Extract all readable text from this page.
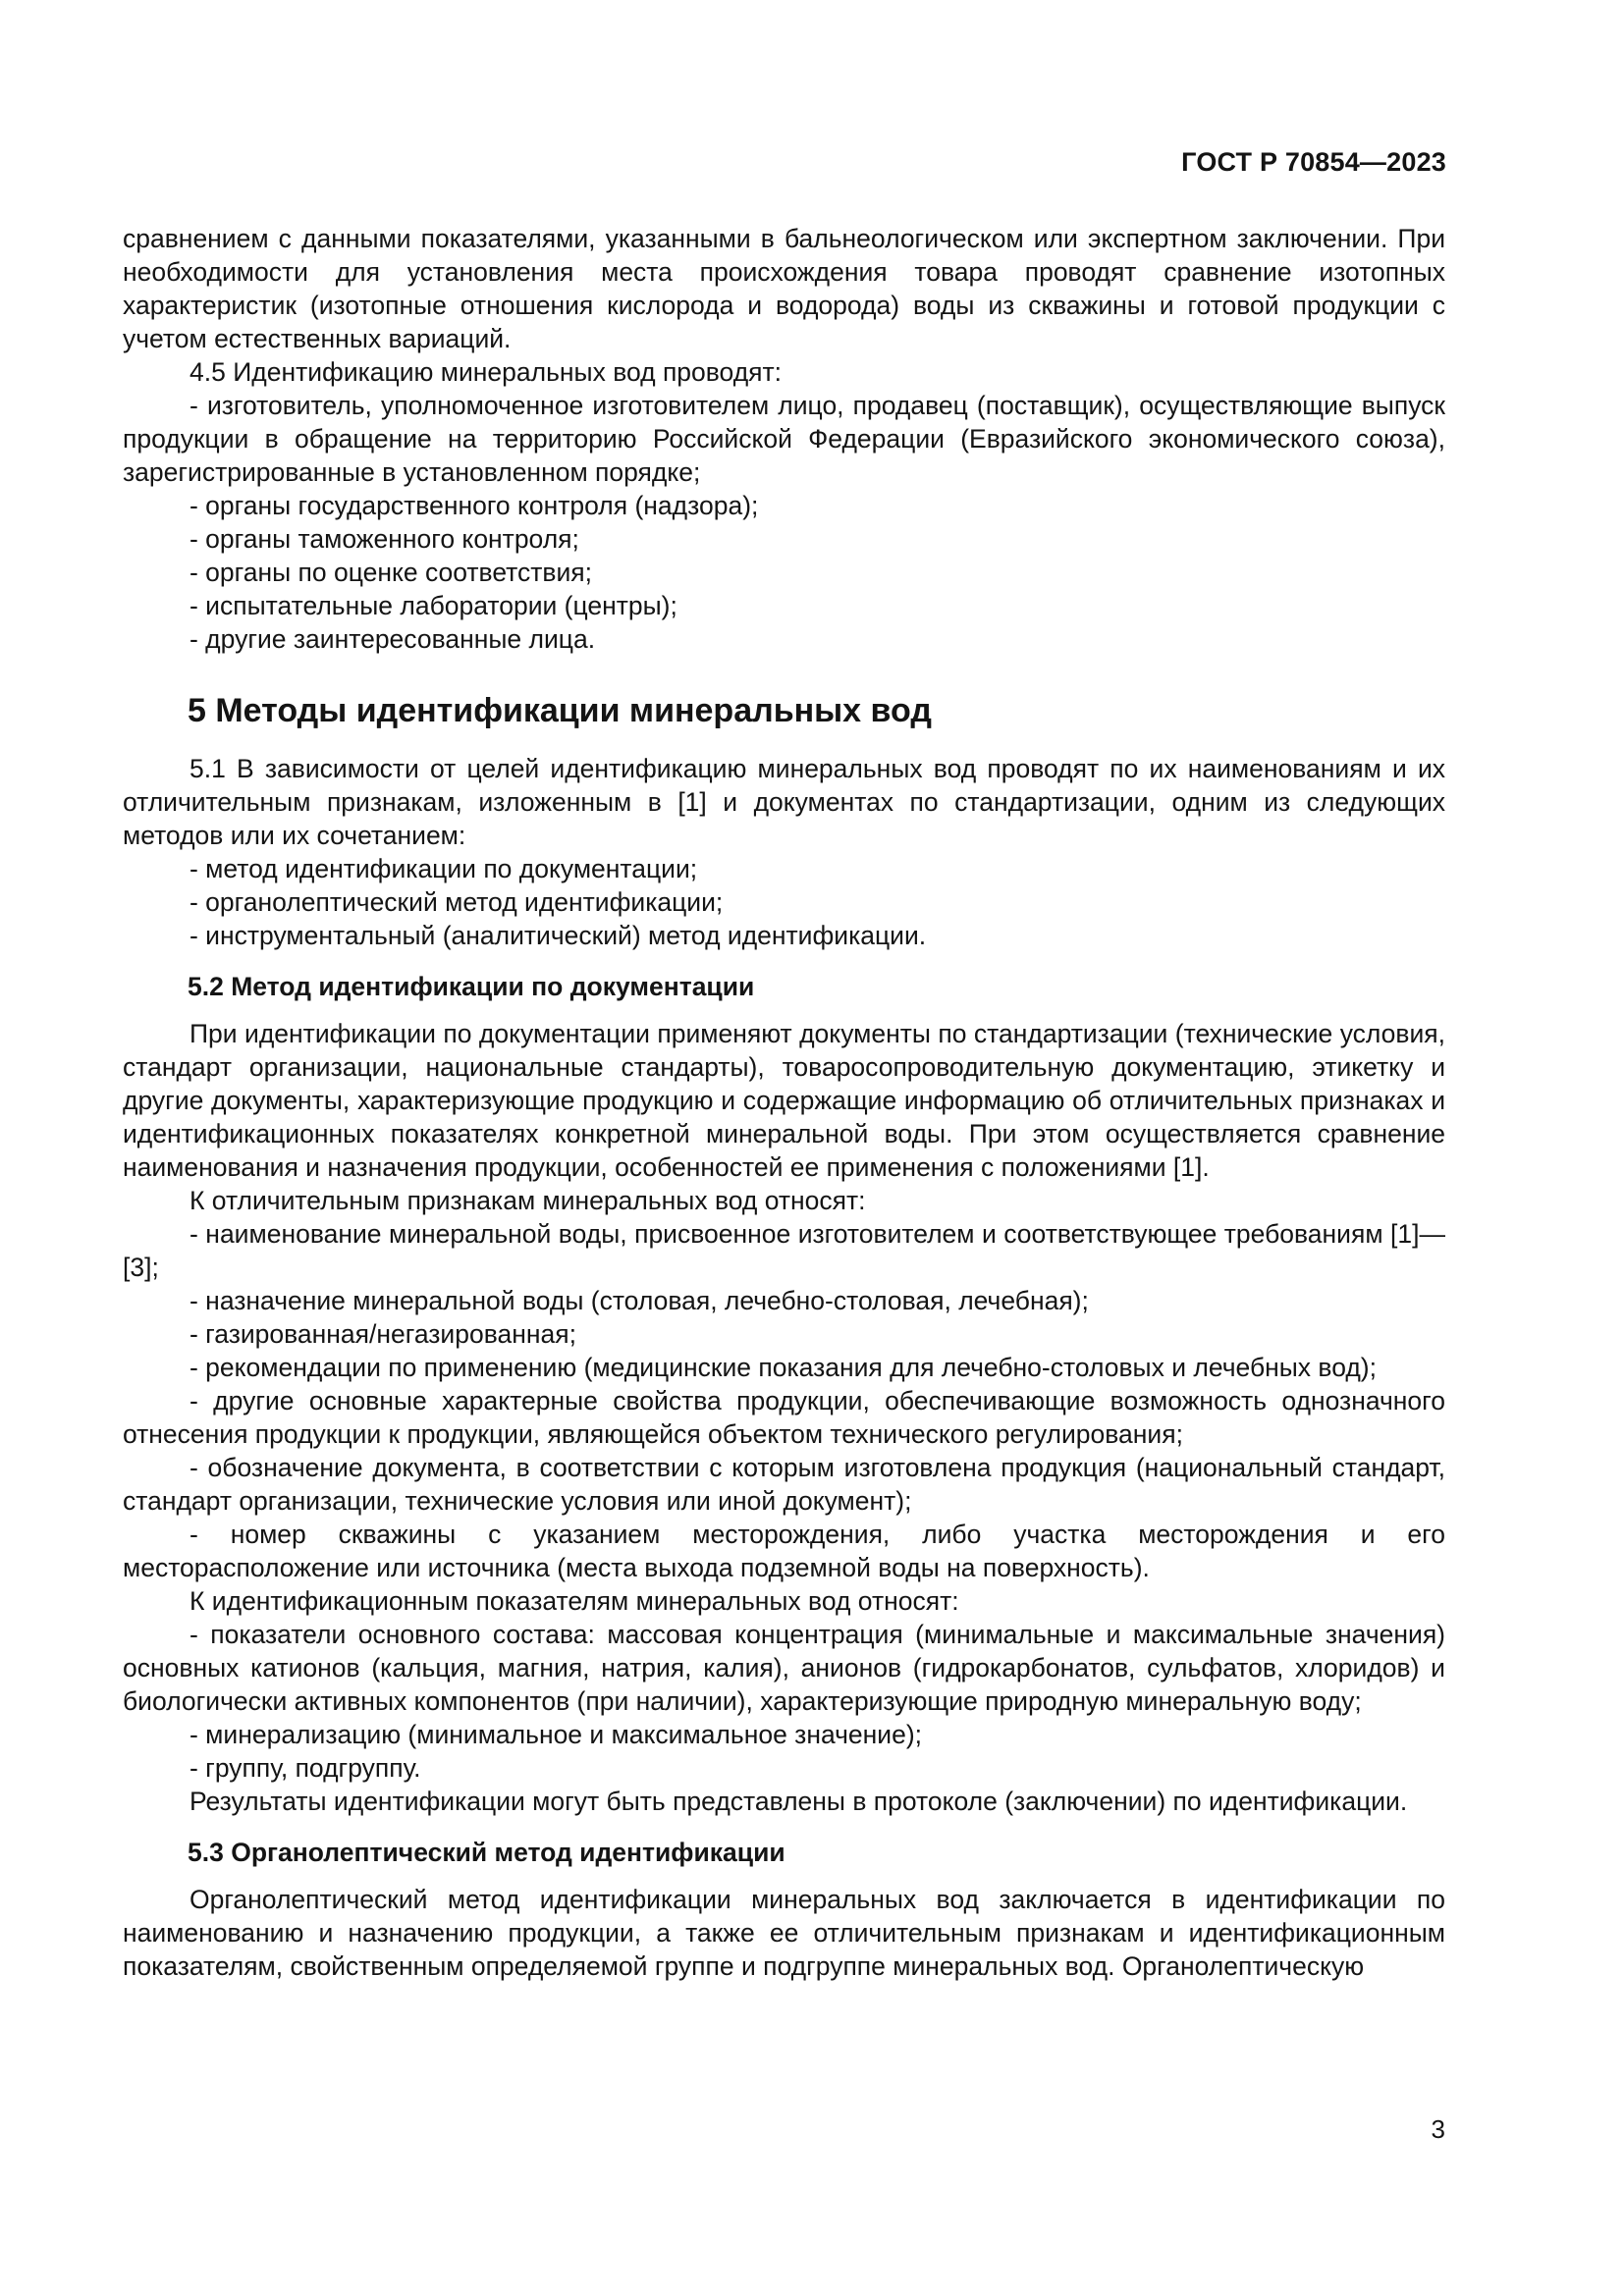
ГОСТ Р 70854—2023

сравнением с данными показателями, указанными в бальнеологическом или экспертном заключении. При необходимости для установления места происхождения товара проводят сравнение изотопных характеристик (изотопные отношения кислорода и водорода) воды из скважины и готовой продукции с учетом естественных вариаций.

4.5 Идентификацию минеральных вод проводят:

- изготовитель, уполномоченное изготовителем лицо, продавец (поставщик), осуществляющие выпуск продукции в обращение на территорию Российской Федерации (Евразийского экономического союза), зарегистрированные в установленном порядке;

- органы государственного контроля (надзора);

- органы таможенного контроля;

- органы по оценке соответствия;

- испытательные лаборатории (центры);

- другие заинтересованные лица.

5 Методы идентификации минеральных вод

5.1 В зависимости от целей идентификацию минеральных вод проводят по их наименованиям и их отличительным признакам, изложенным в [1] и документах по стандартизации, одним из следующих методов или их сочетанием:

- метод идентификации по документации;

- органолептический метод идентификации;

- инструментальный (аналитический) метод идентификации.

5.2 Метод идентификации по документации

При идентификации по документации применяют документы по стандартизации (технические условия, стандарт организации, национальные стандарты), товаросопроводительную документацию, этикетку и другие документы, характеризующие продукцию и содержащие информацию об отличительных признаках и идентификационных показателях конкретной минеральной воды. При этом осуществляется сравнение наименования и назначения продукции, особенностей ее применения с положениями [1].

К отличительным признакам минеральных вод относят:

- наименование минеральной воды, присвоенное изготовителем и соответствующее требованиям [1]—[3];

- назначение минеральной воды (столовая, лечебно-столовая, лечебная);

- газированная/негазированная;

- рекомендации по применению (медицинские показания для лечебно-столовых и лечебных вод);

- другие основные характерные свойства продукции, обеспечивающие возможность однозначного отнесения продукции к продукции, являющейся объектом технического регулирования;

- обозначение документа, в соответствии с которым изготовлена продукция (национальный стандарт, стандарт организации, технические условия или иной документ);

- номер скважины с указанием месторождения, либо участка месторождения и его месторасположение или источника (места выхода подземной воды на поверхность).

К идентификационным показателям минеральных вод относят:

- показатели основного состава: массовая концентрация (минимальные и максимальные значения) основных катионов (кальция, магния, натрия, калия), анионов (гидрокарбонатов, сульфатов, хлоридов) и биологически активных компонентов (при наличии), характеризующие природную минеральную воду;

- минерализацию (минимальное и максимальное значение);

- группу, подгруппу.

Результаты идентификации могут быть представлены в протоколе (заключении) по идентификации.

5.3 Органолептический метод идентификации

Органолептический метод идентификации минеральных вод заключается в идентификации по наименованию и назначению продукции, а также ее отличительным признакам и идентификационным показателям, свойственным определяемой группе и подгруппе минеральных вод. Органолептическую

3
